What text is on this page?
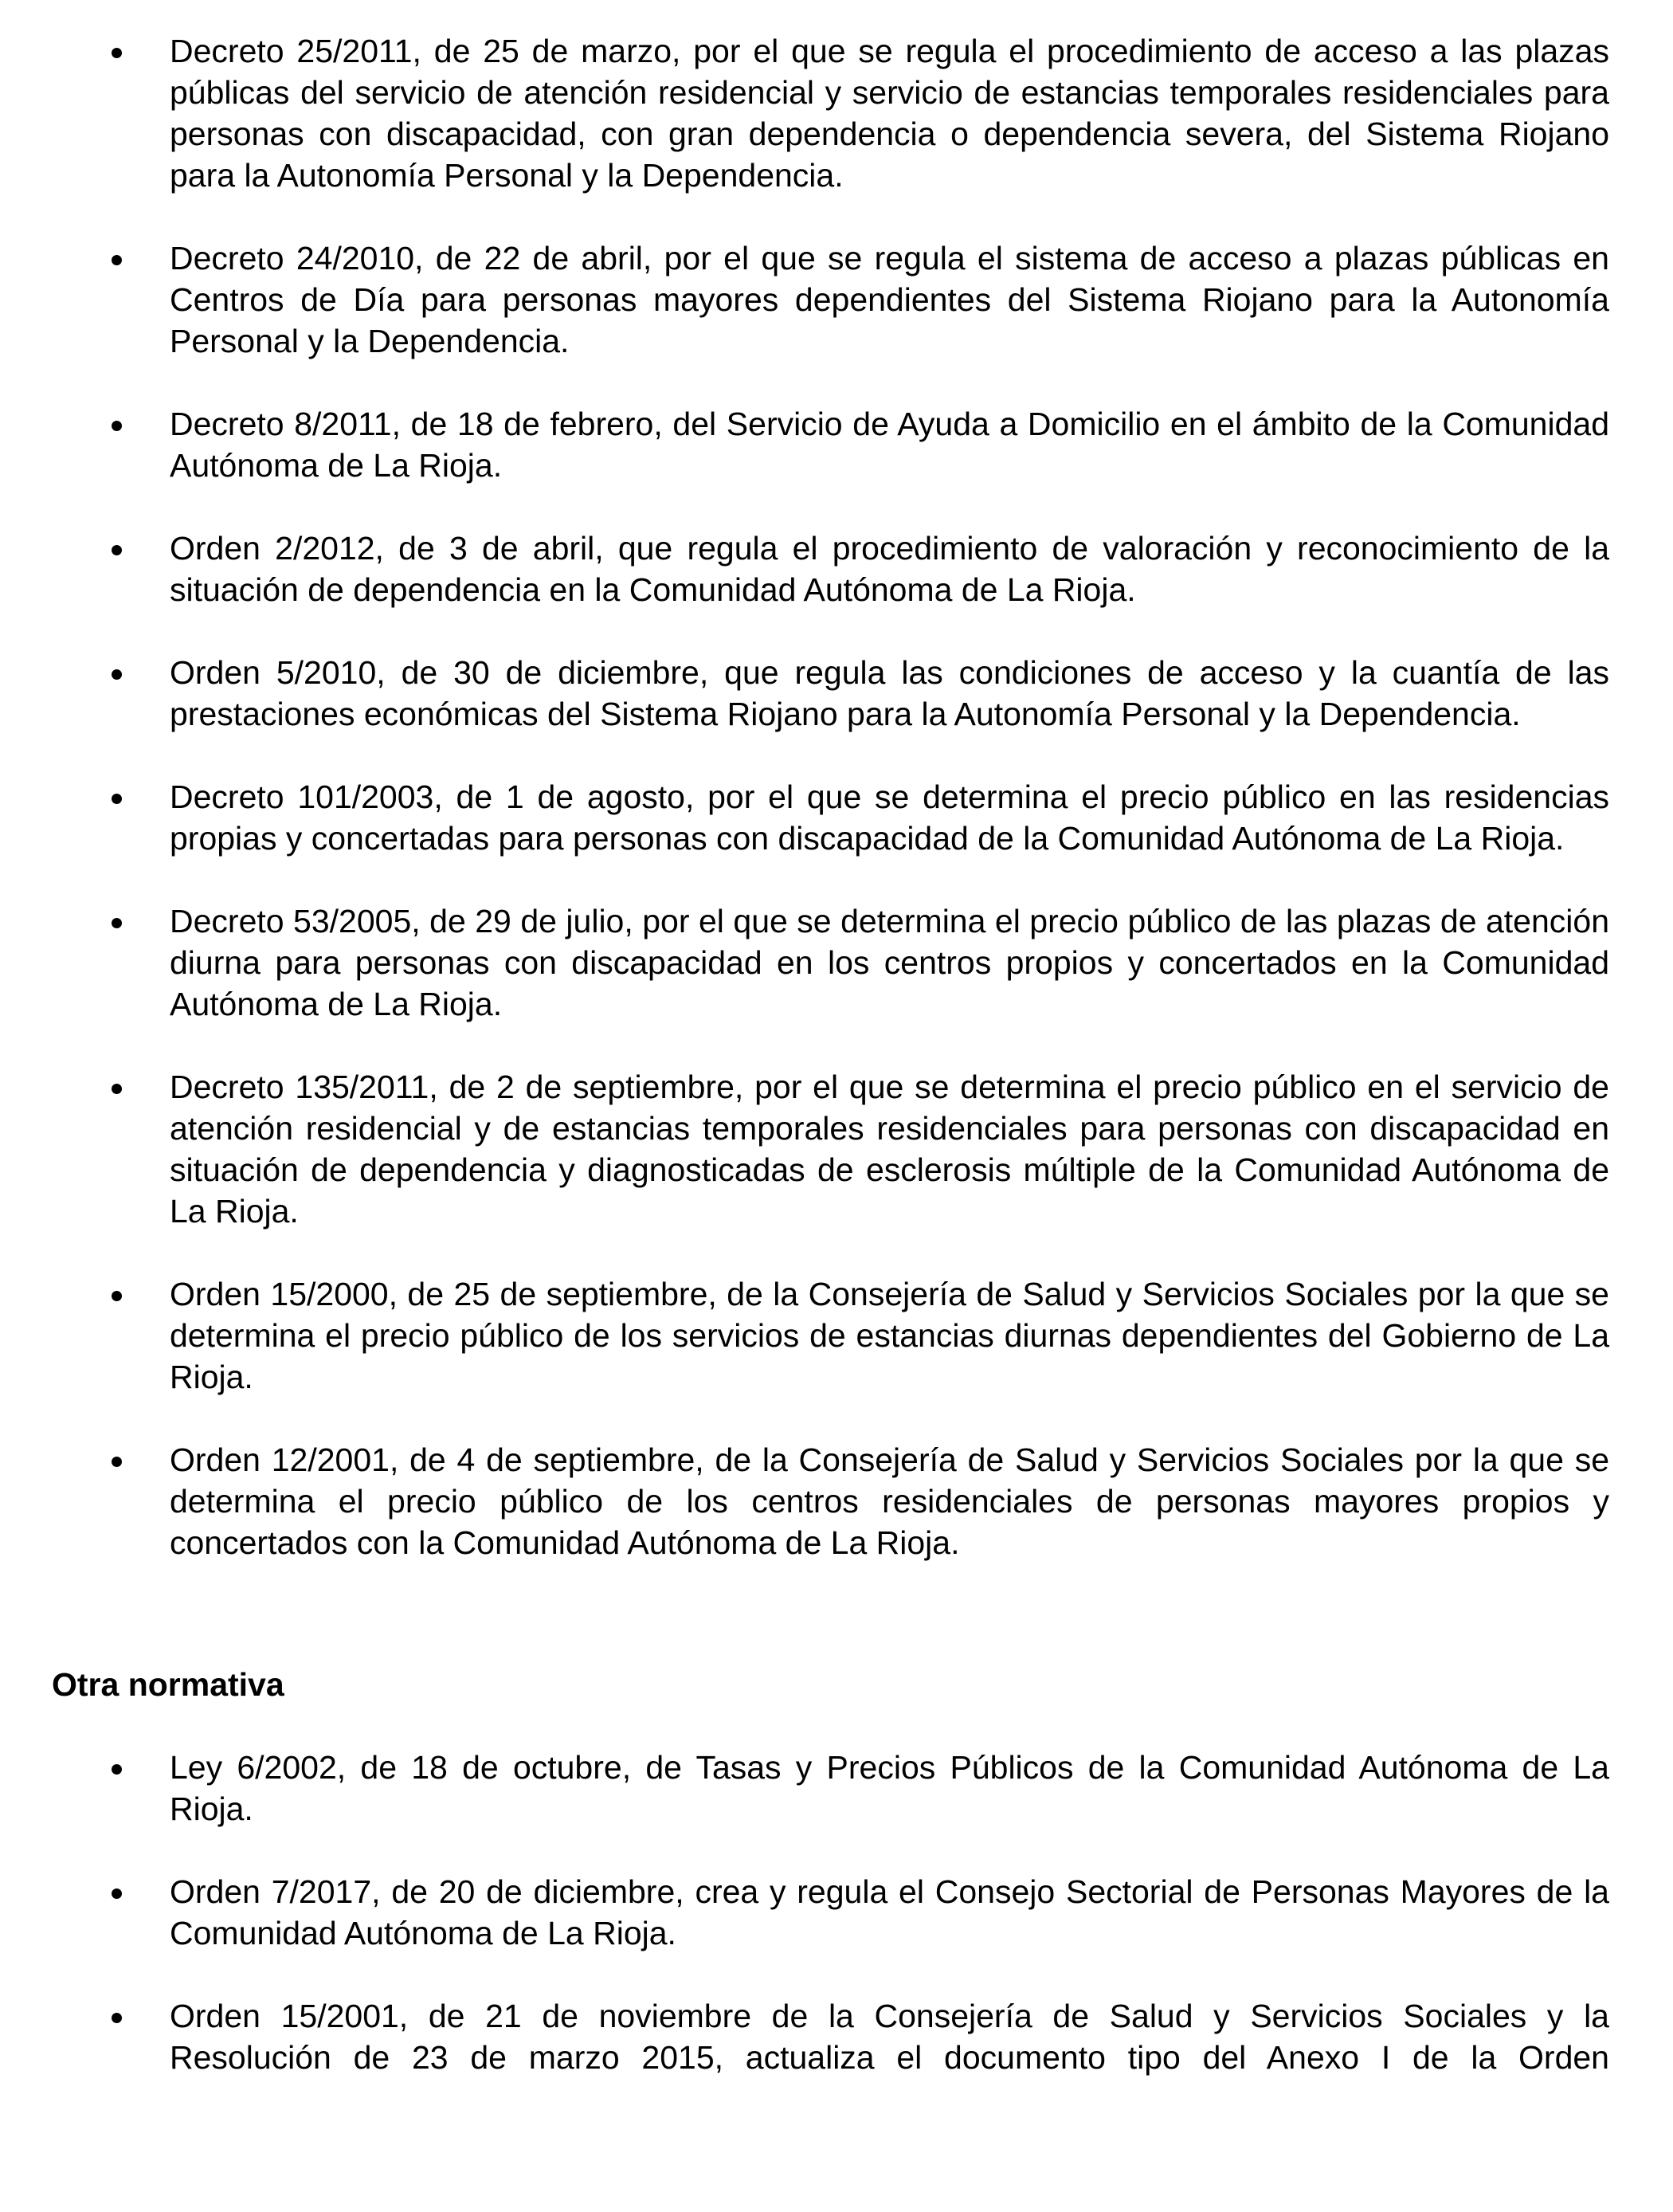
Decreto 25/2011, de 25 de marzo, por el que se regula el procedimiento de acceso a las plazas públicas del servicio de atención residencial y servicio de estancias temporales residenciales para personas con discapacidad, con gran dependencia o dependencia severa, del Sistema Riojano para la Autonomía Personal y la Dependencia.
Decreto 24/2010, de 22 de abril, por el que se regula el sistema de acceso a plazas públicas en Centros de Día para personas mayores dependientes del Sistema Riojano para la Autonomía Personal y la Dependencia.
Decreto 8/2011, de 18 de febrero, del Servicio de Ayuda a Domicilio en el ámbito de la Comunidad Autónoma de La Rioja.
Orden 2/2012, de 3 de abril, que regula el procedimiento de valoración y reconocimiento de la situación de dependencia en la Comunidad Autónoma de La Rioja.
Orden 5/2010, de 30 de diciembre, que regula las condiciones de acceso y la cuantía de las prestaciones económicas del Sistema Riojano para la Autonomía Personal y la Dependencia.
Decreto 101/2003, de 1 de agosto, por el que se determina el precio público en las residencias propias y concertadas para personas con discapacidad de la Comunidad Autónoma de La Rioja.
Decreto 53/2005, de 29 de julio, por el que se determina el precio público de las plazas de atención diurna para personas con discapacidad en los centros propios y concertados en la Comunidad Autónoma de La Rioja.
Decreto 135/2011, de 2 de septiembre, por el que se determina el precio público en el servicio de atención residencial y de estancias temporales residenciales para personas con discapacidad en situación de dependencia y diagnosticadas de esclerosis múltiple de la Comunidad Autónoma de La Rioja.
Orden 15/2000, de 25 de septiembre, de la Consejería de Salud y Servicios Sociales por la que se determina el precio público de los servicios de estancias diurnas dependientes del Gobierno de La Rioja.
Orden 12/2001, de 4 de septiembre, de la Consejería de Salud y Servicios Sociales por la que se determina el precio público de los centros residenciales de personas mayores propios y concertados con la Comunidad Autónoma de La Rioja.
Otra normativa
Ley 6/2002, de 18 de octubre, de Tasas y Precios Públicos de la Comunidad Autónoma de La Rioja.
Orden 7/2017, de 20 de diciembre, crea y regula el Consejo Sectorial de Personas Mayores de la Comunidad Autónoma de La Rioja.
Orden 15/2001, de 21 de noviembre de la Consejería de Salud y Servicios Sociales y la Resolución de 23 de marzo 2015, actualiza el documento tipo del Anexo I de la Orden
